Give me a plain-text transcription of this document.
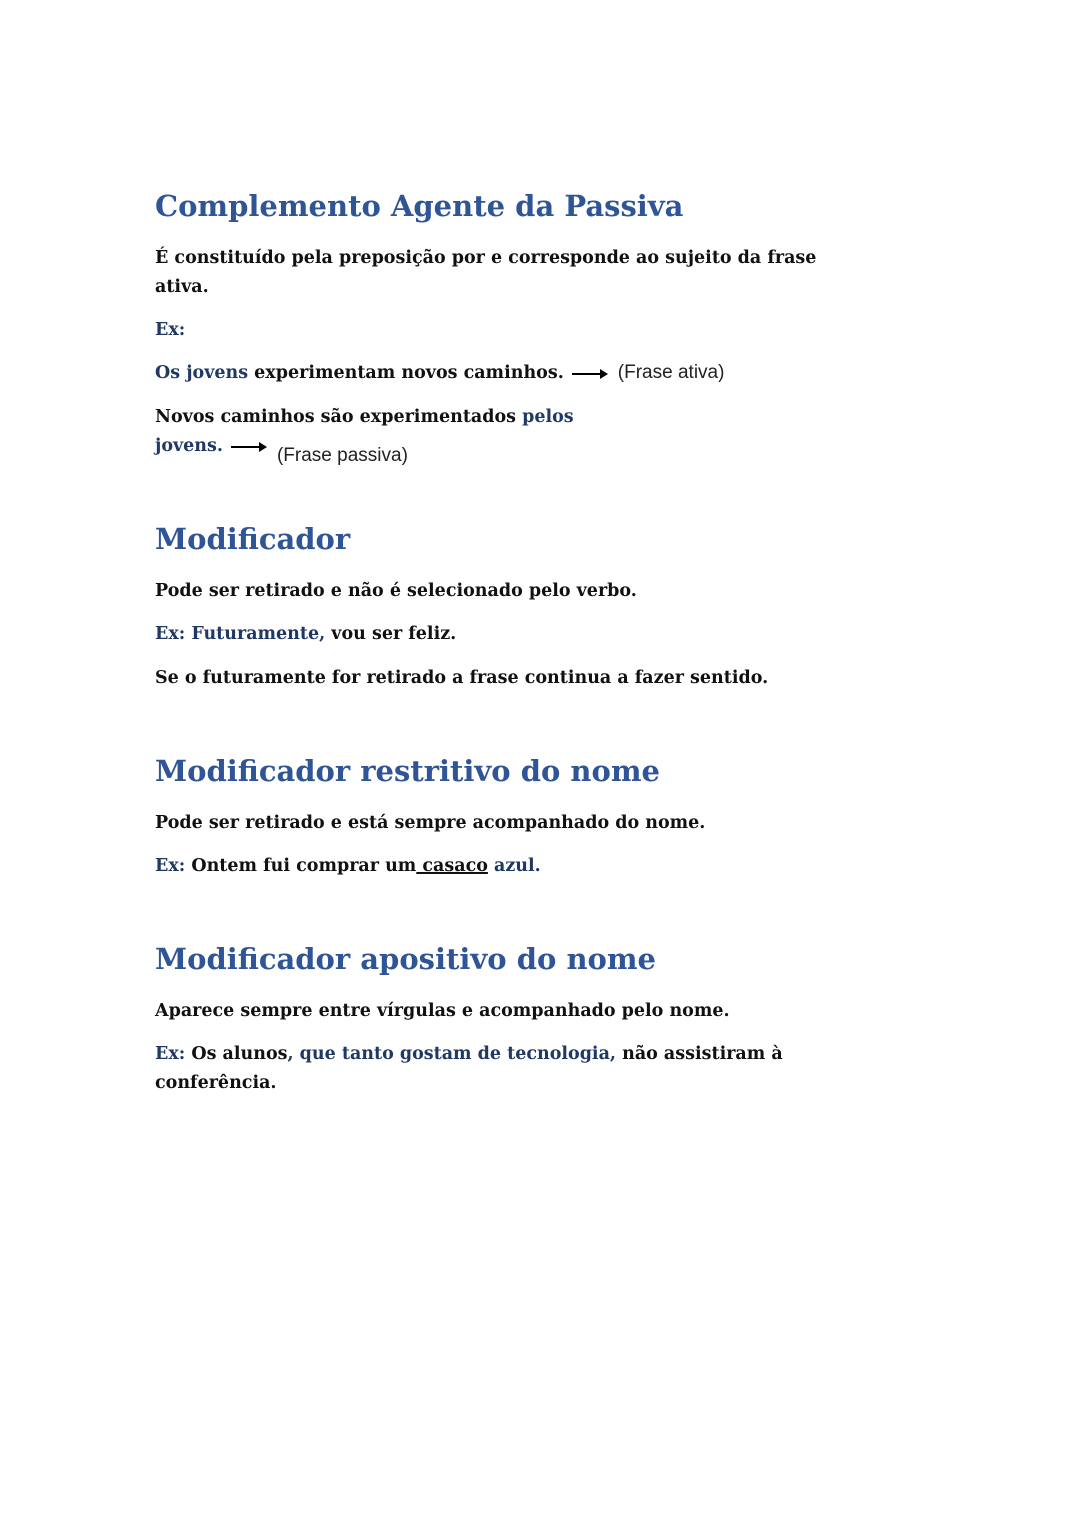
Complemento Agente da Passiva
É constituído pela preposição por e corresponde ao sujeito da frase
ativa.
Ex:
Os jovens experimentam novos caminhos.	(Frase ativa)
Novos caminhos são experimentados pelos
jovens.	(Frase passiva)
Modificador
Pode ser retirado e não é selecionado pelo verbo.
Ex: Futuramente, vou ser feliz.
Se o futuramente for retirado a frase continua a fazer sentido.
Modificador restritivo do nome
Pode ser retirado e está sempre acompanhado do nome.
Ex: Ontem fui comprar um casaco azul.
Modificador apositivo do nome
Aparece sempre entre vírgulas e acompanhado pelo nome.
Ex: Os alunos, que tanto gostam de tecnologia, não assistiram à
conferência.
